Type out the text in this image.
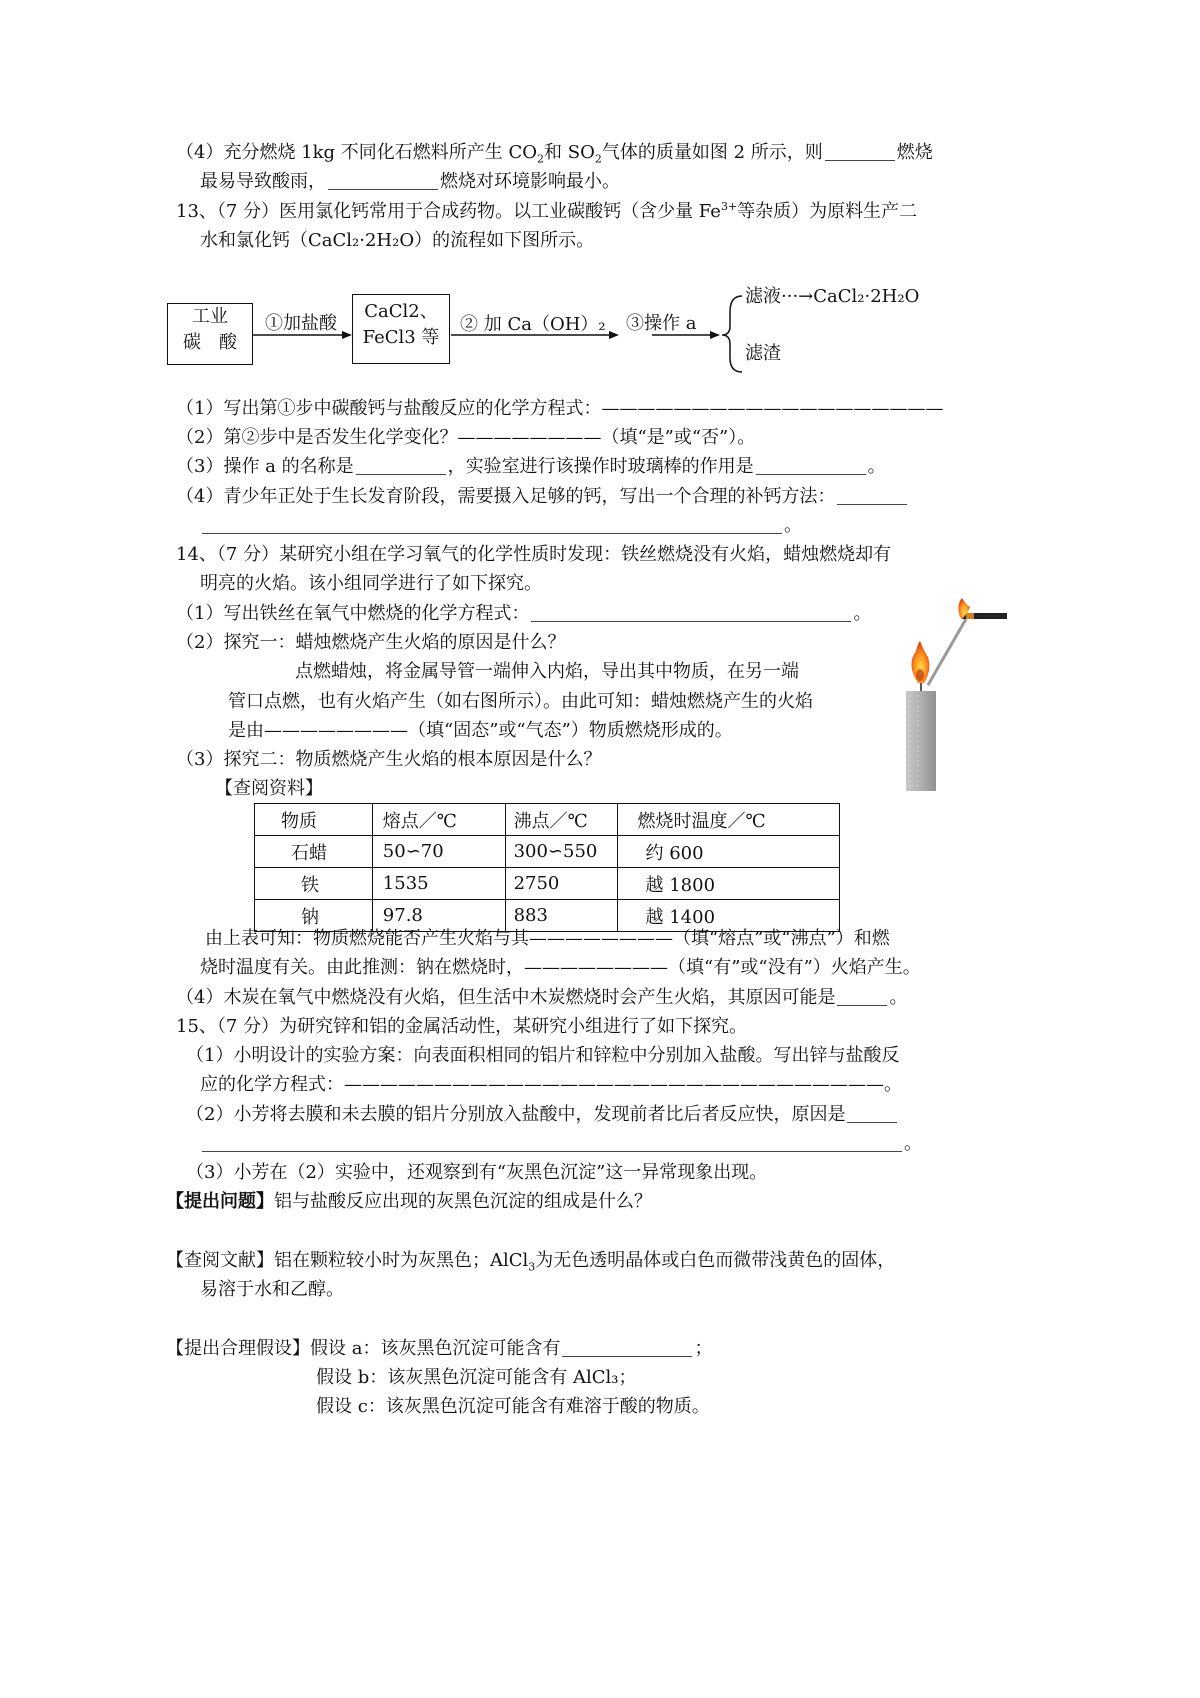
（4）充分燃烧 1kg 不同化石燃料所产生 $CO_2$和 $SO_2$气体的质量如图 2 所示，则	燃烧
最易导致酸雨，	燃烧对环境影响最小。
13、（7 分）医用氯化钙常用于合成药物。以工业碳酸钙（含少量 $Fe^{3+}$等杂质）为原料生产二
水和氯化钙（CaCl₂·2H₂O）的流程如下图所示。
工业
碳　酸
①加盐酸
CaCl2、
FeCl3 等
② 加 Ca（OH）₂ ③操作 a
滤液···→CaCl₂·2H₂O
滤渣
（1）写出第①步中碳酸钙与盐酸反应的化学方程式：———————————————————
（2）第②步中是否发生化学变化？————————（填“是”或“否”）。
（3）操作 a 的名称是	，实验室进行该操作时玻璃棒的作用是	。
（4）青少年正处于生长发育阶段，需要摄入足够的钙，写出一个合理的补钙方法：
。
14、（7 分）某研究小组在学习氧气的化学性质时发现：铁丝燃烧没有火焰，蜡烛燃烧却有
明亮的火焰。该小组同学进行了如下探究。
（1）写出铁丝在氧气中燃烧的化学方程式：	。
（2）探究一：蜡烛燃烧产生火焰的原因是什么？
点燃蜡烛，将金属导管一端伸入内焰，导出其中物质，在另一端
管口点燃，也有火焰产生（如右图所示）。由此可知：蜡烛燃烧产生的火焰
是由————————（填“固态”或“气态”）物质燃烧形成的。
（3）探究二：物质燃烧产生火焰的根本原因是什么？
【查阅资料】
物质	熔点／℃	沸点／℃	燃烧时温度／℃
石蜡	50∽70	300∽550	约 600
铁	1535	2750	越 1800
钠	97.8	883	越 1400
由上表可知：物质燃烧能否产生火焰与其————————（填“熔点”或“沸点”）和燃
烧时温度有关。由此推测：钠在燃烧时，————————（填“有”或“没有”）火焰产生。
（4）木炭在氧气中燃烧没有火焰，但生活中木炭燃烧时会产生火焰，其原因可能是	。
15、（7 分）为研究锌和铝的金属活动性，某研究小组进行了如下探究。
（1）小明设计的实验方案：向表面积相同的铝片和锌粒中分别加入盐酸。写出锌与盐酸反
应的化学方程式：——————————————————————————————。
（2）小芳将去膜和未去膜的铝片分别放入盐酸中，发现前者比后者反应快，原因是
。
（3）小芳在（2）实验中，还观察到有“灰黑色沉淀”这一异常现象出现。
【提出问题】铝与盐酸反应出现的灰黑色沉淀的组成是什么？
【查阅文献】铝在颗粒较小时为灰黑色；AlCl$_3$为无色透明晶体或白色而微带浅黄色的固体，
易溶于水和乙醇。
【提出合理假设】假设 a：该灰黑色沉淀可能含有	；
假设 b：该灰黑色沉淀可能含有 AlCl₃；
假设 c：该灰黑色沉淀可能含有难溶于酸的物质。
